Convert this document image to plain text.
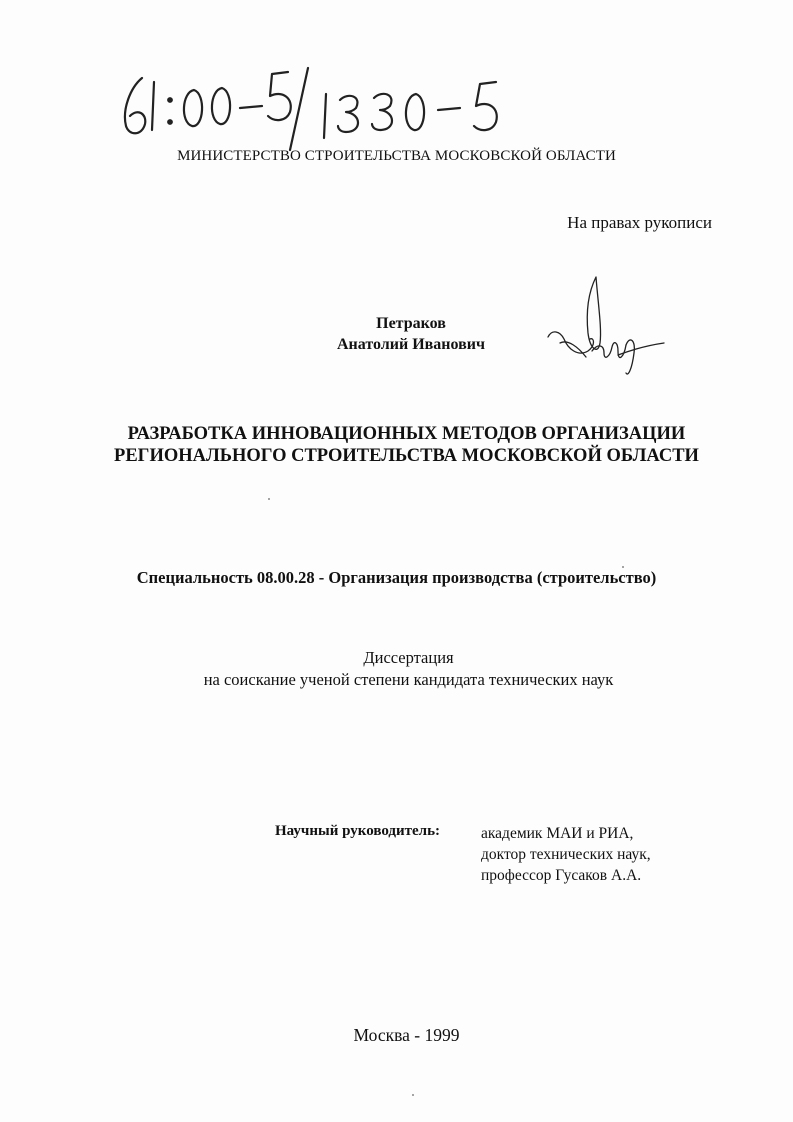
МИНИСТЕРСТВО СТРОИТЕЛЬСТВА МОСКОВСКОЙ ОБЛАСТИ
На правах рукописи
Петраков
Анатолий Иванович
РАЗРАБОТКА ИННОВАЦИОННЫХ МЕТОДОВ ОРГАНИЗАЦИИ
РЕГИОНАЛЬНОГО СТРОИТЕЛЬСТВА МОСКОВСКОЙ ОБЛАСТИ
Специальность 08.00.28 - Организация производства (строительство)
Диссертация
на соискание ученой степени кандидата технических наук
Научный руководитель:	академик МАИ и РИА,
доктор технических наук,
профессор Гусаков А.А.
Москва - 1999
